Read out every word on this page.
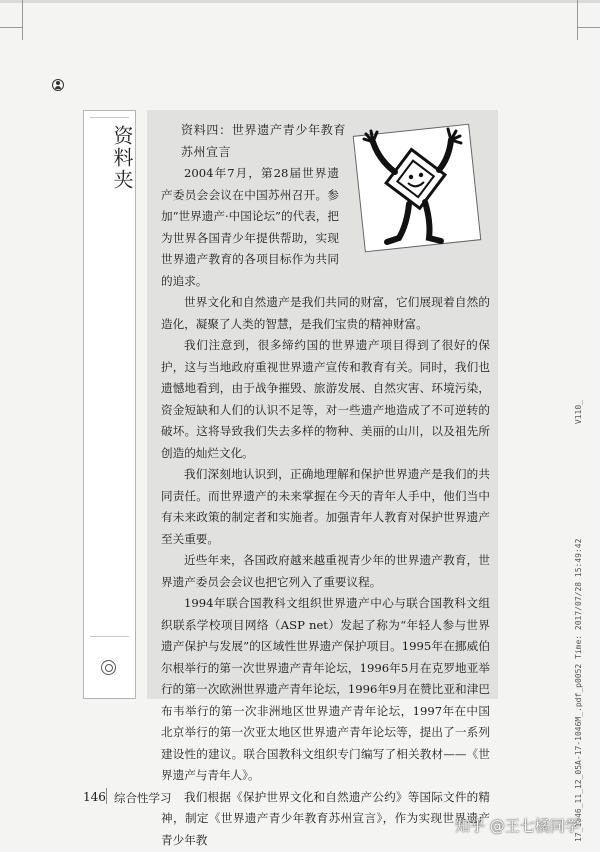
资料夹	资料四：世界遗产青少年教育苏州宣言

2004年7月，第28届世界遗产委员会会议在中国苏州召开。参加“世界遗产·中国论坛”的代表，把为世界各国青少年提供帮助，实现世界遗产教育的各项目标作为共同的追求。

世界文化和自然遗产是我们共同的财富，它们展现着自然的造化，凝聚了人类的智慧，是我们宝贵的精神财富。

我们注意到，很多缔约国的世界遗产项目得到了很好的保护，这与当地政府重视世界遗产宣传和教育有关。同时，我们也遗憾地看到，由于战争摧毁、旅游发展、自然灾害、环境污染，资金短缺和人们的认识不足等，对一些遗产地造成了不可逆转的破坏。这将导致我们失去多样的物种、美丽的山川，以及祖先所创造的灿烂文化。

我们深刻地认识到，正确地理解和保护世界遗产是我们的共同责任。而世界遗产的未来掌握在今天的青年人手中，他们当中有未来政策的制定者和实施者。加强青年人教育对保护世界遗产至关重要。

近些年来，各国政府越来越重视青少年的世界遗产教育，世界遗产委员会会议也把它列入了重要议程。

1994年联合国教科文组织世界遗产中心与联合国教科文组织联系学校项目网络（ASP net）发起了称为“年轻人参与世界遗产保护与发展”的区域性世界遗产保护项目。1995年在挪威伯尔根举行的第一次世界遗产青年论坛，1996年5月在克罗地亚举行的第一次欧洲世界遗产青年论坛，1996年9月在赞比亚和津巴布韦举行的第一次非洲地区世界遗产青年论坛，1997年在中国北京举行的第一次亚太地区世界遗产青年论坛等，提出了一系列建设性的建议。联合国教科文组织专门编写了相关教材——《世界遗产与青年人》。

我们根据《保护世界文化和自然遗产公约》等国际文件的精神，制定《世界遗产青少年教育苏州宣言》，作为实现世界遗产青少年教

146 综合性学习
V110_
17_1046_11_12_05A-17-1046M_.pdf_p0052 Time: 2017/07/28 15:49:42
知乎 @王七橘同学
